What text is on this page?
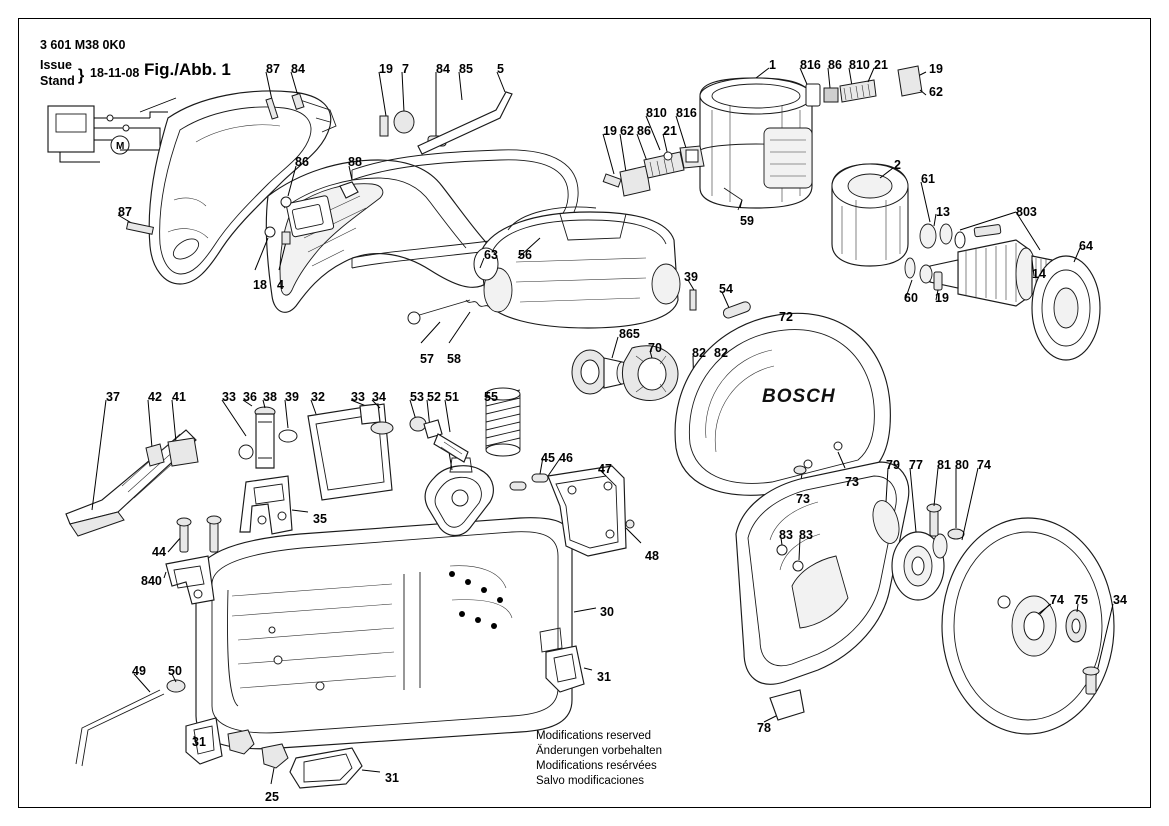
3 601 M38 0K0
Issue
Stand } 18-11-08 Fig./Abb. 1
Modifications reserved
Änderungen vorbehalten
Modifications resérvées
Salvo modificaciones
M
BOSCH
87 84	19 7 84 85 5	1 816 86 810 21	19
62
810 816
19 62 86 21
86	88	2
61
13	803
59
87
64
14
63 56
60 19
39
54
18 4
72
865
70 82 82
57 58
55
37 42 41	33 36 38 39 32 33 34 53 52 51
45 46
47	79 77 81 80 74
73
73
35
44
83 83
48
840
74 75 34
30
31
49 50
31
78
31
25
